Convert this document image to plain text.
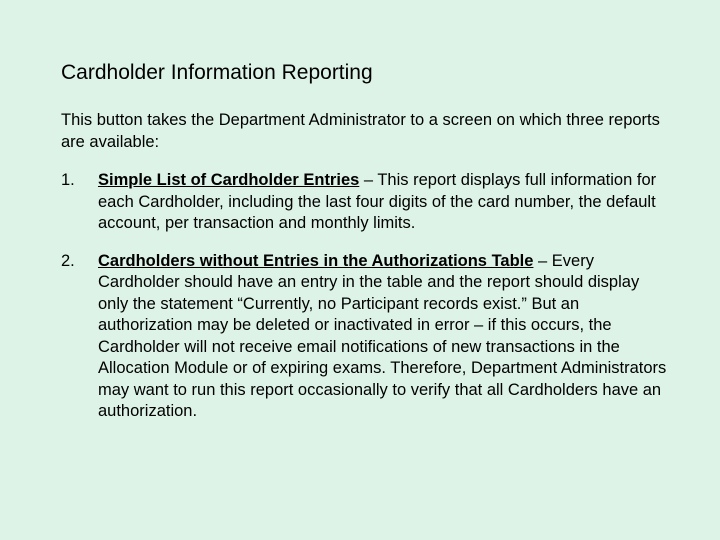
Cardholder Information Reporting
This button takes the Department Administrator to a screen on which three reports are available:
1.	Simple List of Cardholder Entries – This report displays full information for each Cardholder, including the last four digits of the card number, the default account, per transaction and monthly limits.
2.	Cardholders without Entries in the Authorizations Table – Every Cardholder should have an entry in the table and the report should display only the statement “Currently, no Participant records exist.” But an authorization may be deleted or inactivated in error – if this occurs, the Cardholder will not receive email notifications of new transactions in the Allocation Module or of expiring exams. Therefore, Department Administrators may want to run this report occasionally to verify that all Cardholders have an authorization.
